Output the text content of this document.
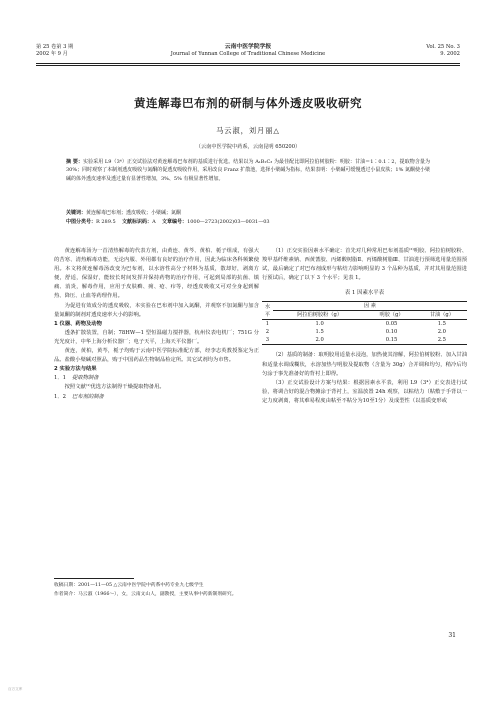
第 25 卷第 3 期
2002 年 9 月
云南中医学院学报
Journal of Yunnan College of Traditional Chinese Medicine
Vol. 25 No. 3
9. 2002
黄连解毒巴布剂的研制与体外透皮吸收研究
马云淑，刘月丽△
（云南中医学院中药系，云南昆明 650200）
摘 要：实验采用 L9（3⁴）正交试验法对黄连解毒巴布剂的基质进行优选。结果以为 A₁B₂C₃ 为最佳配比即阿拉伯树胶粉：明胶：甘油＝1∶0.1∶2，提取物含量为 30%；同时观察了本制剂透皮吸收与氮酮的促透皮吸收作用，采用改良 Franz 扩散池，选择小檗碱为指标，结果表明：小檗碱可缓慢透过小鼠皮肤；1% 氮酮使小檗碱的体外透皮速率及透过量有显著性增加，3%、5% 有极显著性增加。
关键词：黄连解毒巴布剂；透皮吸收；小檗碱；氮酮
中图分类号：R 289.5 文献标识码：A 文章编号：1000—2723(2002)03—0031—03

黄连解毒汤为一首清热解毒的代表方剂，由黄连、黄芩、黄柏、栀子组成，有强大的苦寒、清热解毒功能，无论内服、外用都有良好的治疗作用，因此为临床各科频繁使用。本文将黄连解毒汤改变为巴布剂，以水溶性高分子材料为基质，散却好，剥离方便，舒适，保湿好，能较长时间发挥并保持药物的治疗作用，可起到局部的抗菌、镇痛、消炎，解毒作用，应用于皮肤癣、痈、疮、疖等，经透皮吸收又可对全身起到解热、降压、止血等药理作用。

为促进有效成分的透皮吸收，本实验在巴布剂中加入氮酮，并观察不加氮酮与加含量氮酮的制剂对透皮速率大小的影响。

1 仪器、药物及动物

透条扩散装置，自制；78HW—1 型恒温磁力搅拌器，杭州仪表电机厂；751G 分光光度计，中华上海分析仪器厂；电子天平，上海天平仪器厂。

黄连，黄柏，黄芩，栀子均购于云南中医学院标准配方部，经李志英教授鉴定为正品。盐酸小檗碱对照品，购于中国药品生物制品检定所。其它试剂均为市售。

2 实验方法与结果

1．1 提取物制备

按照文献⁽¹⁾优选方法制得干燥提取物备用。

1．2 巴布剂的制备

（1）正交实验因素水平确定：首先对几种常用巴布剂基质⁽²⁾明胶、阿拉伯树胶粉、羧甲基纤维素钠、西黄蓍胶、丙烯酸树脂Ⅱ、丙烯酸树脂Ⅲ、甘油进行预筛选用量范围预试，最后确定了对巴布剂成形与粘结力影响明显的 3 个品种为基质，并对其用量范围进行预试后，确定了以下 3 个水平；见表 1。

表 1 因素水平表
水	因 素		
平	阿拉伯树胶粉（g）	明胶（g）	甘油（g）
1	1.0	0.05	1.5
2	1.5	0.10	2.0
3	2.0	0.15	2.5

（2）基质的制备：取明胶用适量水浸泡，加热使其溶解，阿拉伯树胶粉、加入甘油和适量水调成糊状，水溶加热与明胶及提取物（含量为 30g）合并调和均匀，稍冷后均匀涂于事先准备好的背衬上即得。

（3）正交试验设计方案与结果：根据因素水平表，利用 L9（3⁴）正交表进行试验，将调合好的混合物摊涂于背衬上，室温放置 24h 观察，以粘结力（粘敷于手背以一定力度剥离，将其难易程度由粘至不粘分为10至1分）及成型性（以基质变形或

收稿日期：2001—11—05 △云南中医学院中药系中药专业九七级学生
作者简介：马云淑（1966～），女，云南文山人，副教授，主要从事中药新制剂研究。
31
百万文库
